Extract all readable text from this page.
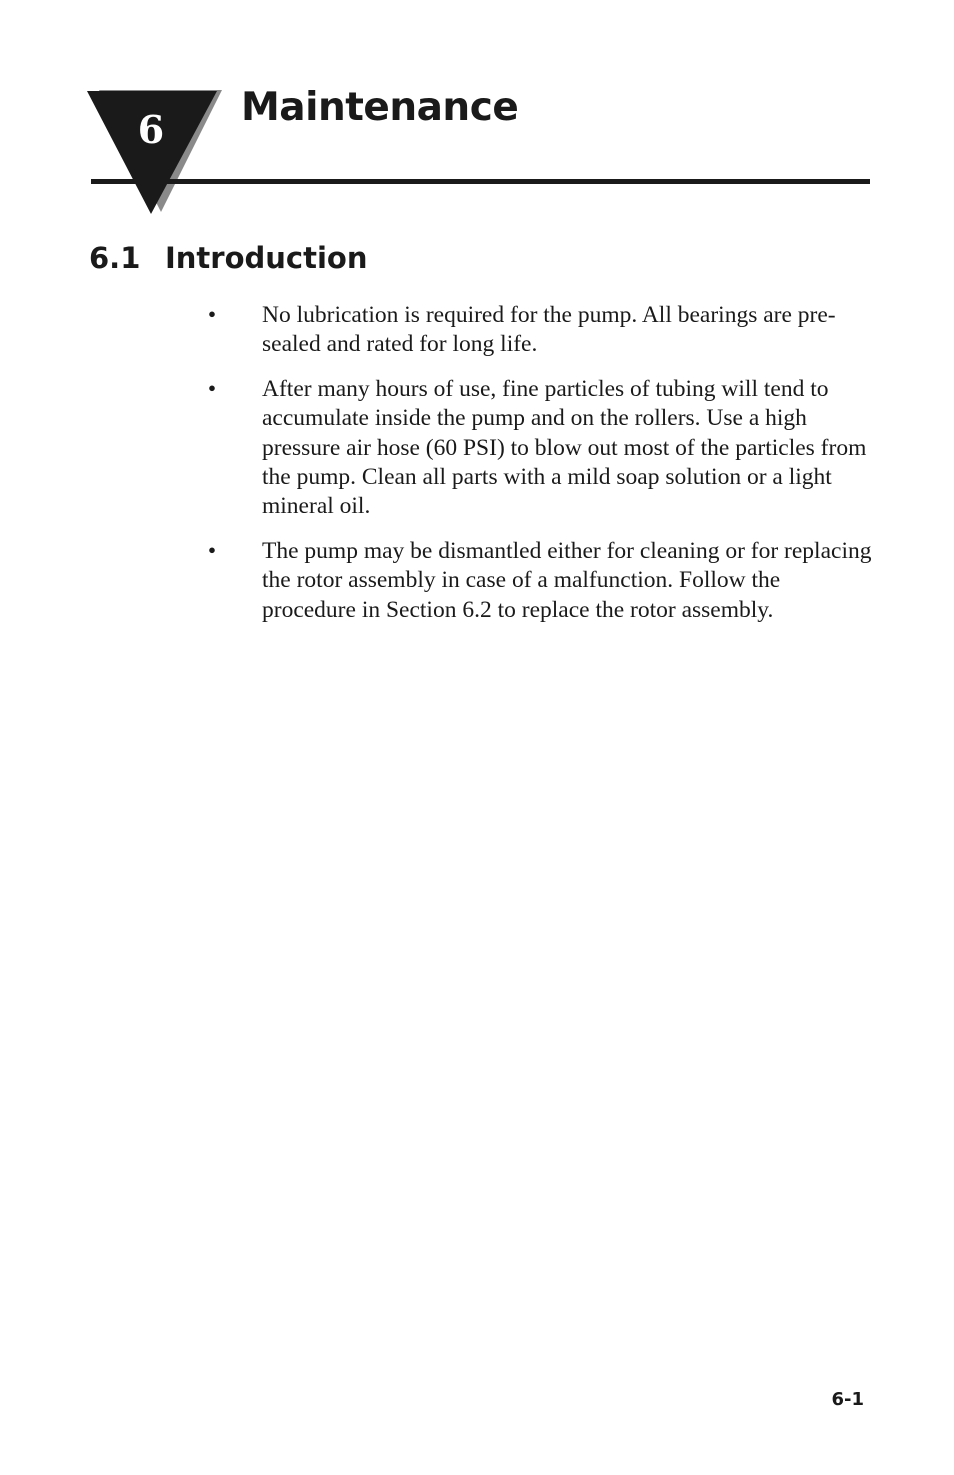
6 Maintenance
6.1 Introduction
• No lubrication is required for the pump. All bearings are pre-sealed and rated for long life.
• After many hours of use, fine particles of tubing will tend to accumulate inside the pump and on the rollers. Use a high pressure air hose (60 PSI) to blow out most of the particles from the pump. Clean all parts with a mild soap solution or a light mineral oil.
• The pump may be dismantled either for cleaning or for replacing the rotor assembly in case of a malfunction. Follow the procedure in Section 6.2 to replace the rotor assembly.
6-1
